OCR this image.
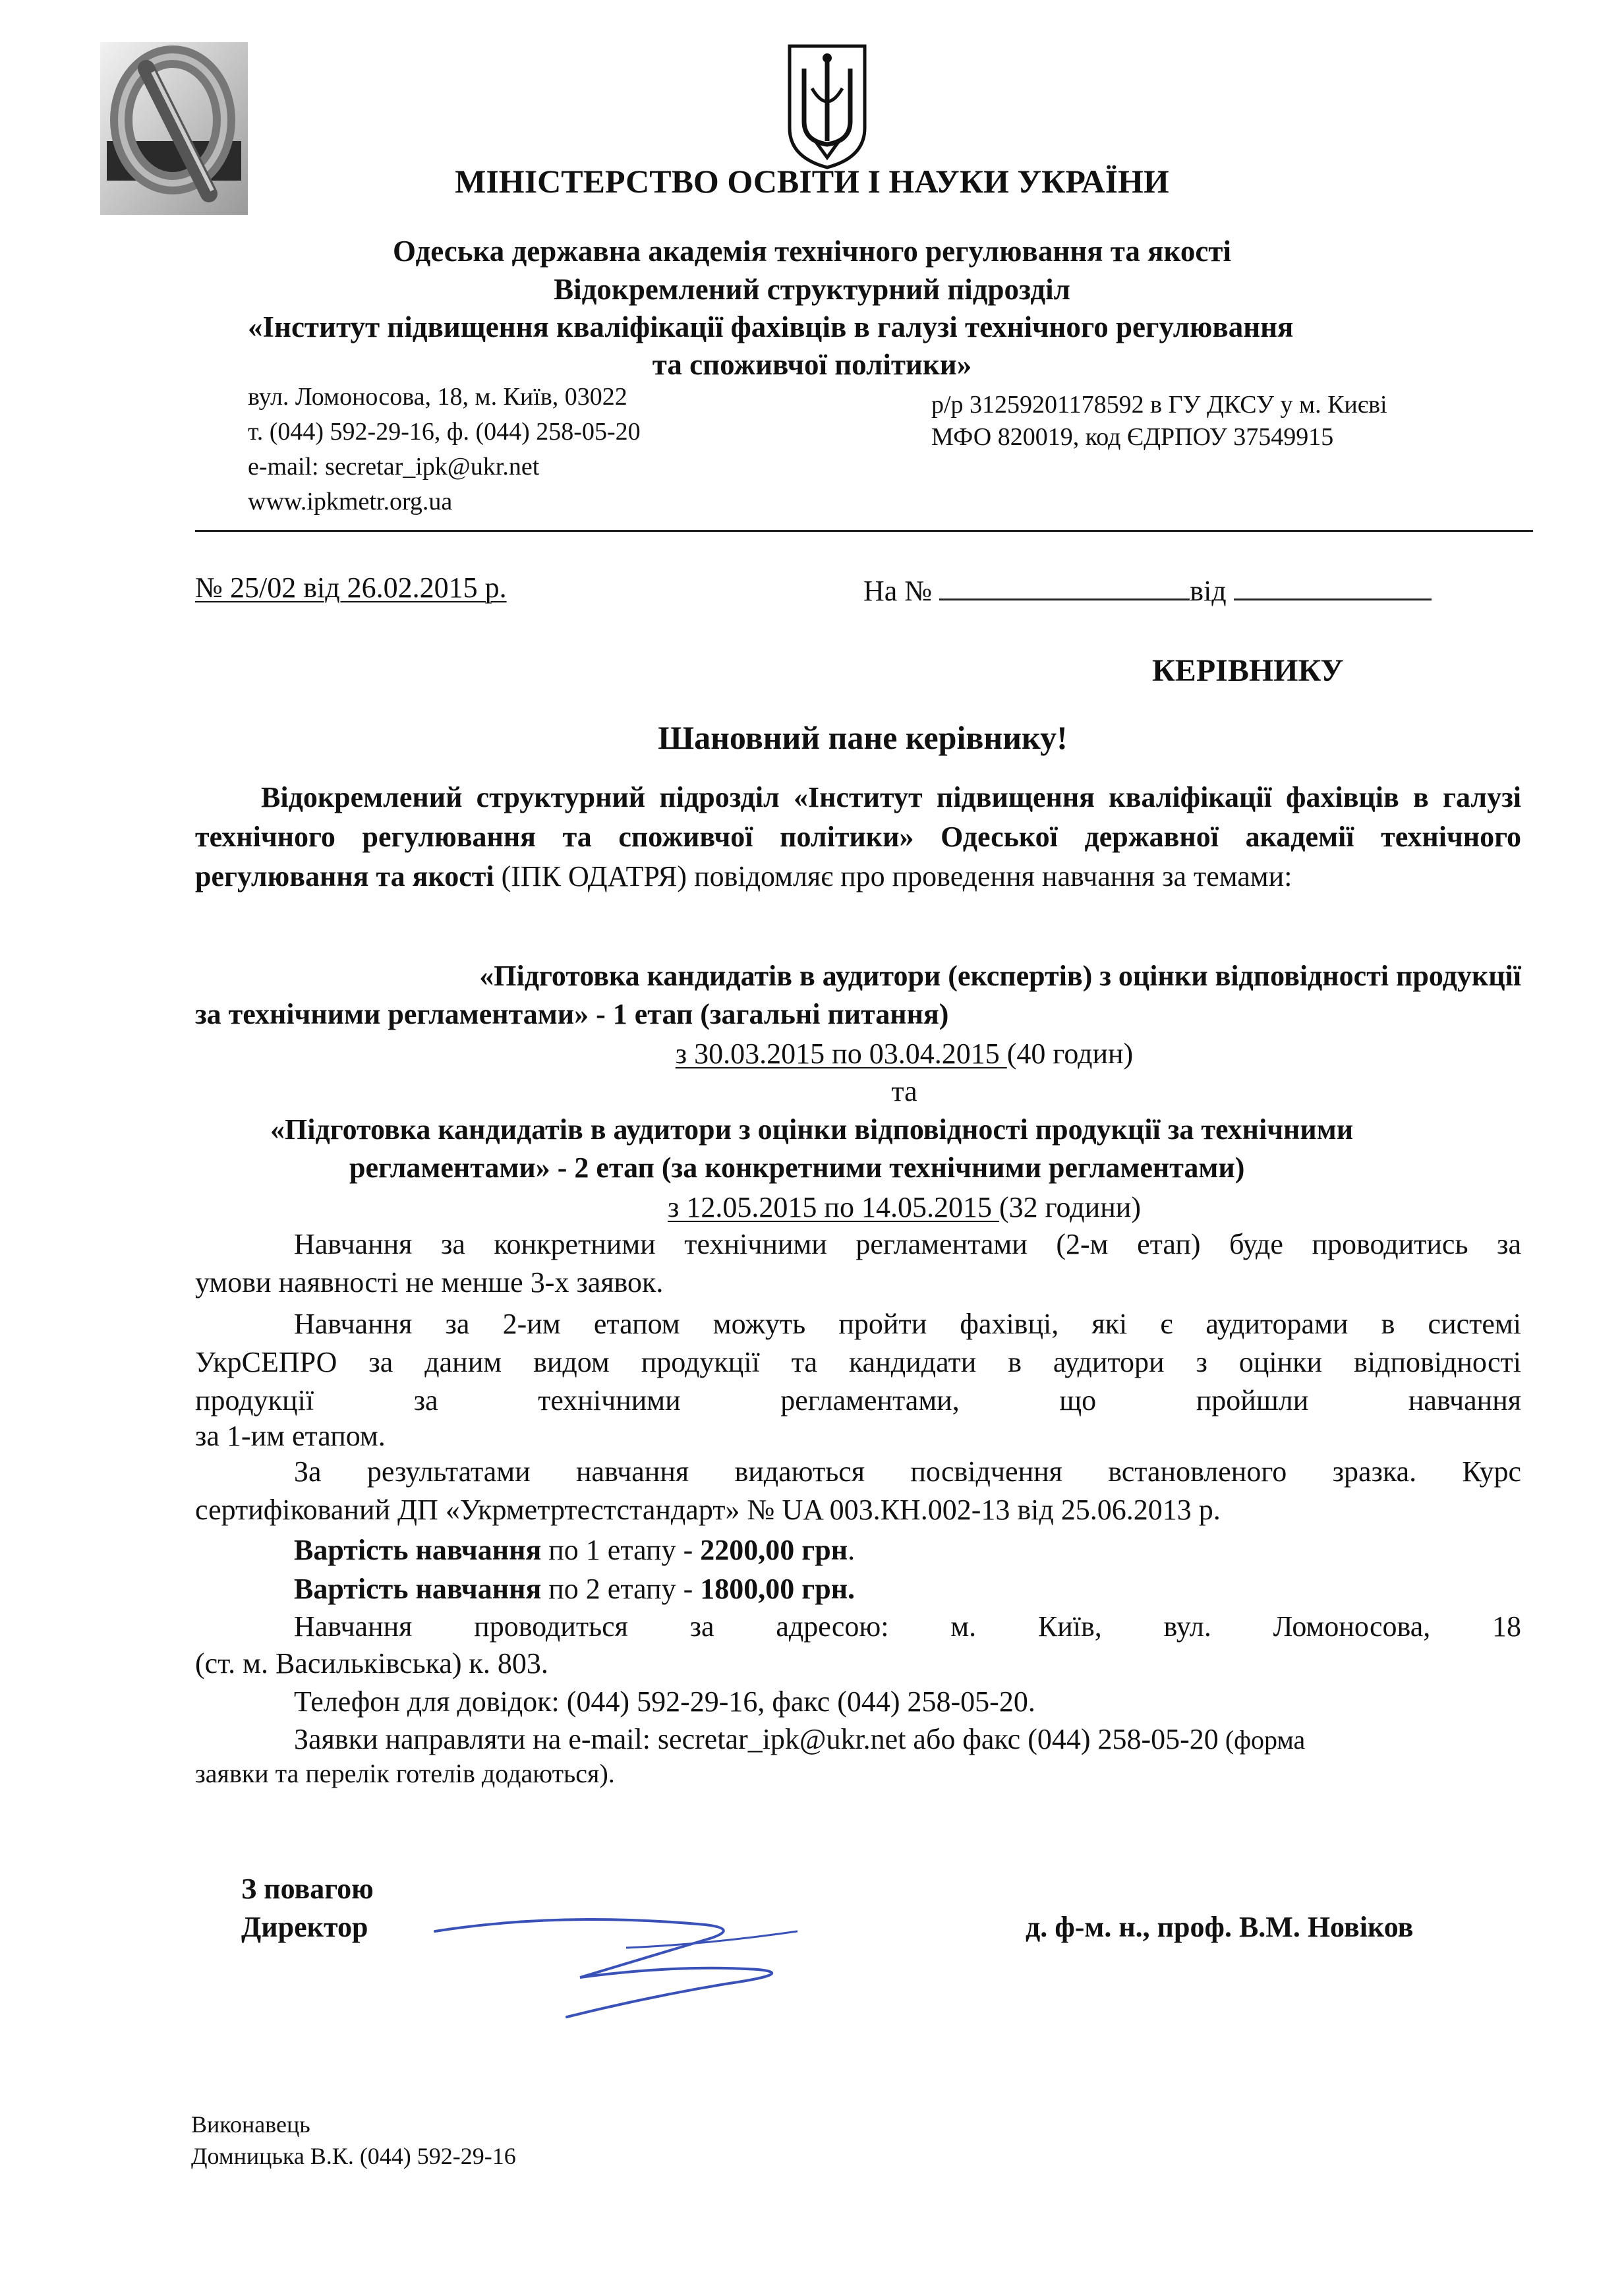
МІНІСТЕРСТВО ОСВІТИ І НАУКИ УКРАЇНИ
Одеська державна академія технічного регулювання та якості
Відокремлений структурний підрозділ
«Інститут підвищення кваліфікації фахівців в галузі технічного регулювання
та споживчої політики»
вул. Ломоносова, 18, м. Київ, 03022
т. (044) 592-29-16, ф. (044) 258-05-20
e-mail: secretar_ipk@ukr.net
www.ipkmetr.org.ua
р/р 31259201178592 в ГУ ДКСУ у м. Києві
МФО 820019, код ЄДРПОУ 37549915
№ 25/02 від 26.02.2015 р.	На №	від
КЕРІВНИКУ
Шановний пане керівнику!
Відокремлений структурний підрозділ «Інститут підвищення кваліфікації фахівців в галузі технічного регулювання та споживчої політики» Одеської державної академії технічного регулювання та якості (ІПК ОДАТРЯ) повідомляє про проведення навчання за темами:
«Підготовка кандидатів в аудитори (експертів) з оцінки відповідності продукції
за технічними регламентами» - 1 етап (загальні питання)
з 30.03.2015 по 03.04.2015 (40 годин)
та
«Підготовка кандидатів в аудитори з оцінки відповідності продукції за технічними
регламентами» - 2 етап (за конкретними технічними регламентами)
з 12.05.2015 по 14.05.2015 (32 години)
Навчання за конкретними технічними регламентами (2-м етап) буде проводитись за
умови наявності не менше 3-х заявок.
Навчання за 2-им етапом можуть пройти фахівці, які є аудиторами в системі
УкрСЕПРО за даним видом продукції та кандидати в аудитори з оцінки відповідності
продукції за технічними регламентами, що пройшли навчання
за 1-им етапом.
За результатами навчання видаються посвідчення встановленого зразка. Курс
сертифікований ДП «Укрметртестстандарт» № UA 003.КН.002-13 від 25.06.2013 р.
Вартість навчання по 1 етапу - 2200,00 грн.
Вартість навчання по 2 етапу - 1800,00 грн.
Навчання проводиться за адресою: м. Київ, вул. Ломоносова, 18
(ст. м. Васильківська) к. 803.
Телефон для довідок: (044) 592-29-16, факс (044) 258-05-20.
Заявки направляти на e-mail: secretar_ipk@ukr.net або факс (044) 258-05-20 (форма
заявки та перелік готелів додаються).
З повагою
Директор	д. ф-м. н., проф. В.М. Новіков
Виконавець
Домницька В.К. (044) 592-29-16
